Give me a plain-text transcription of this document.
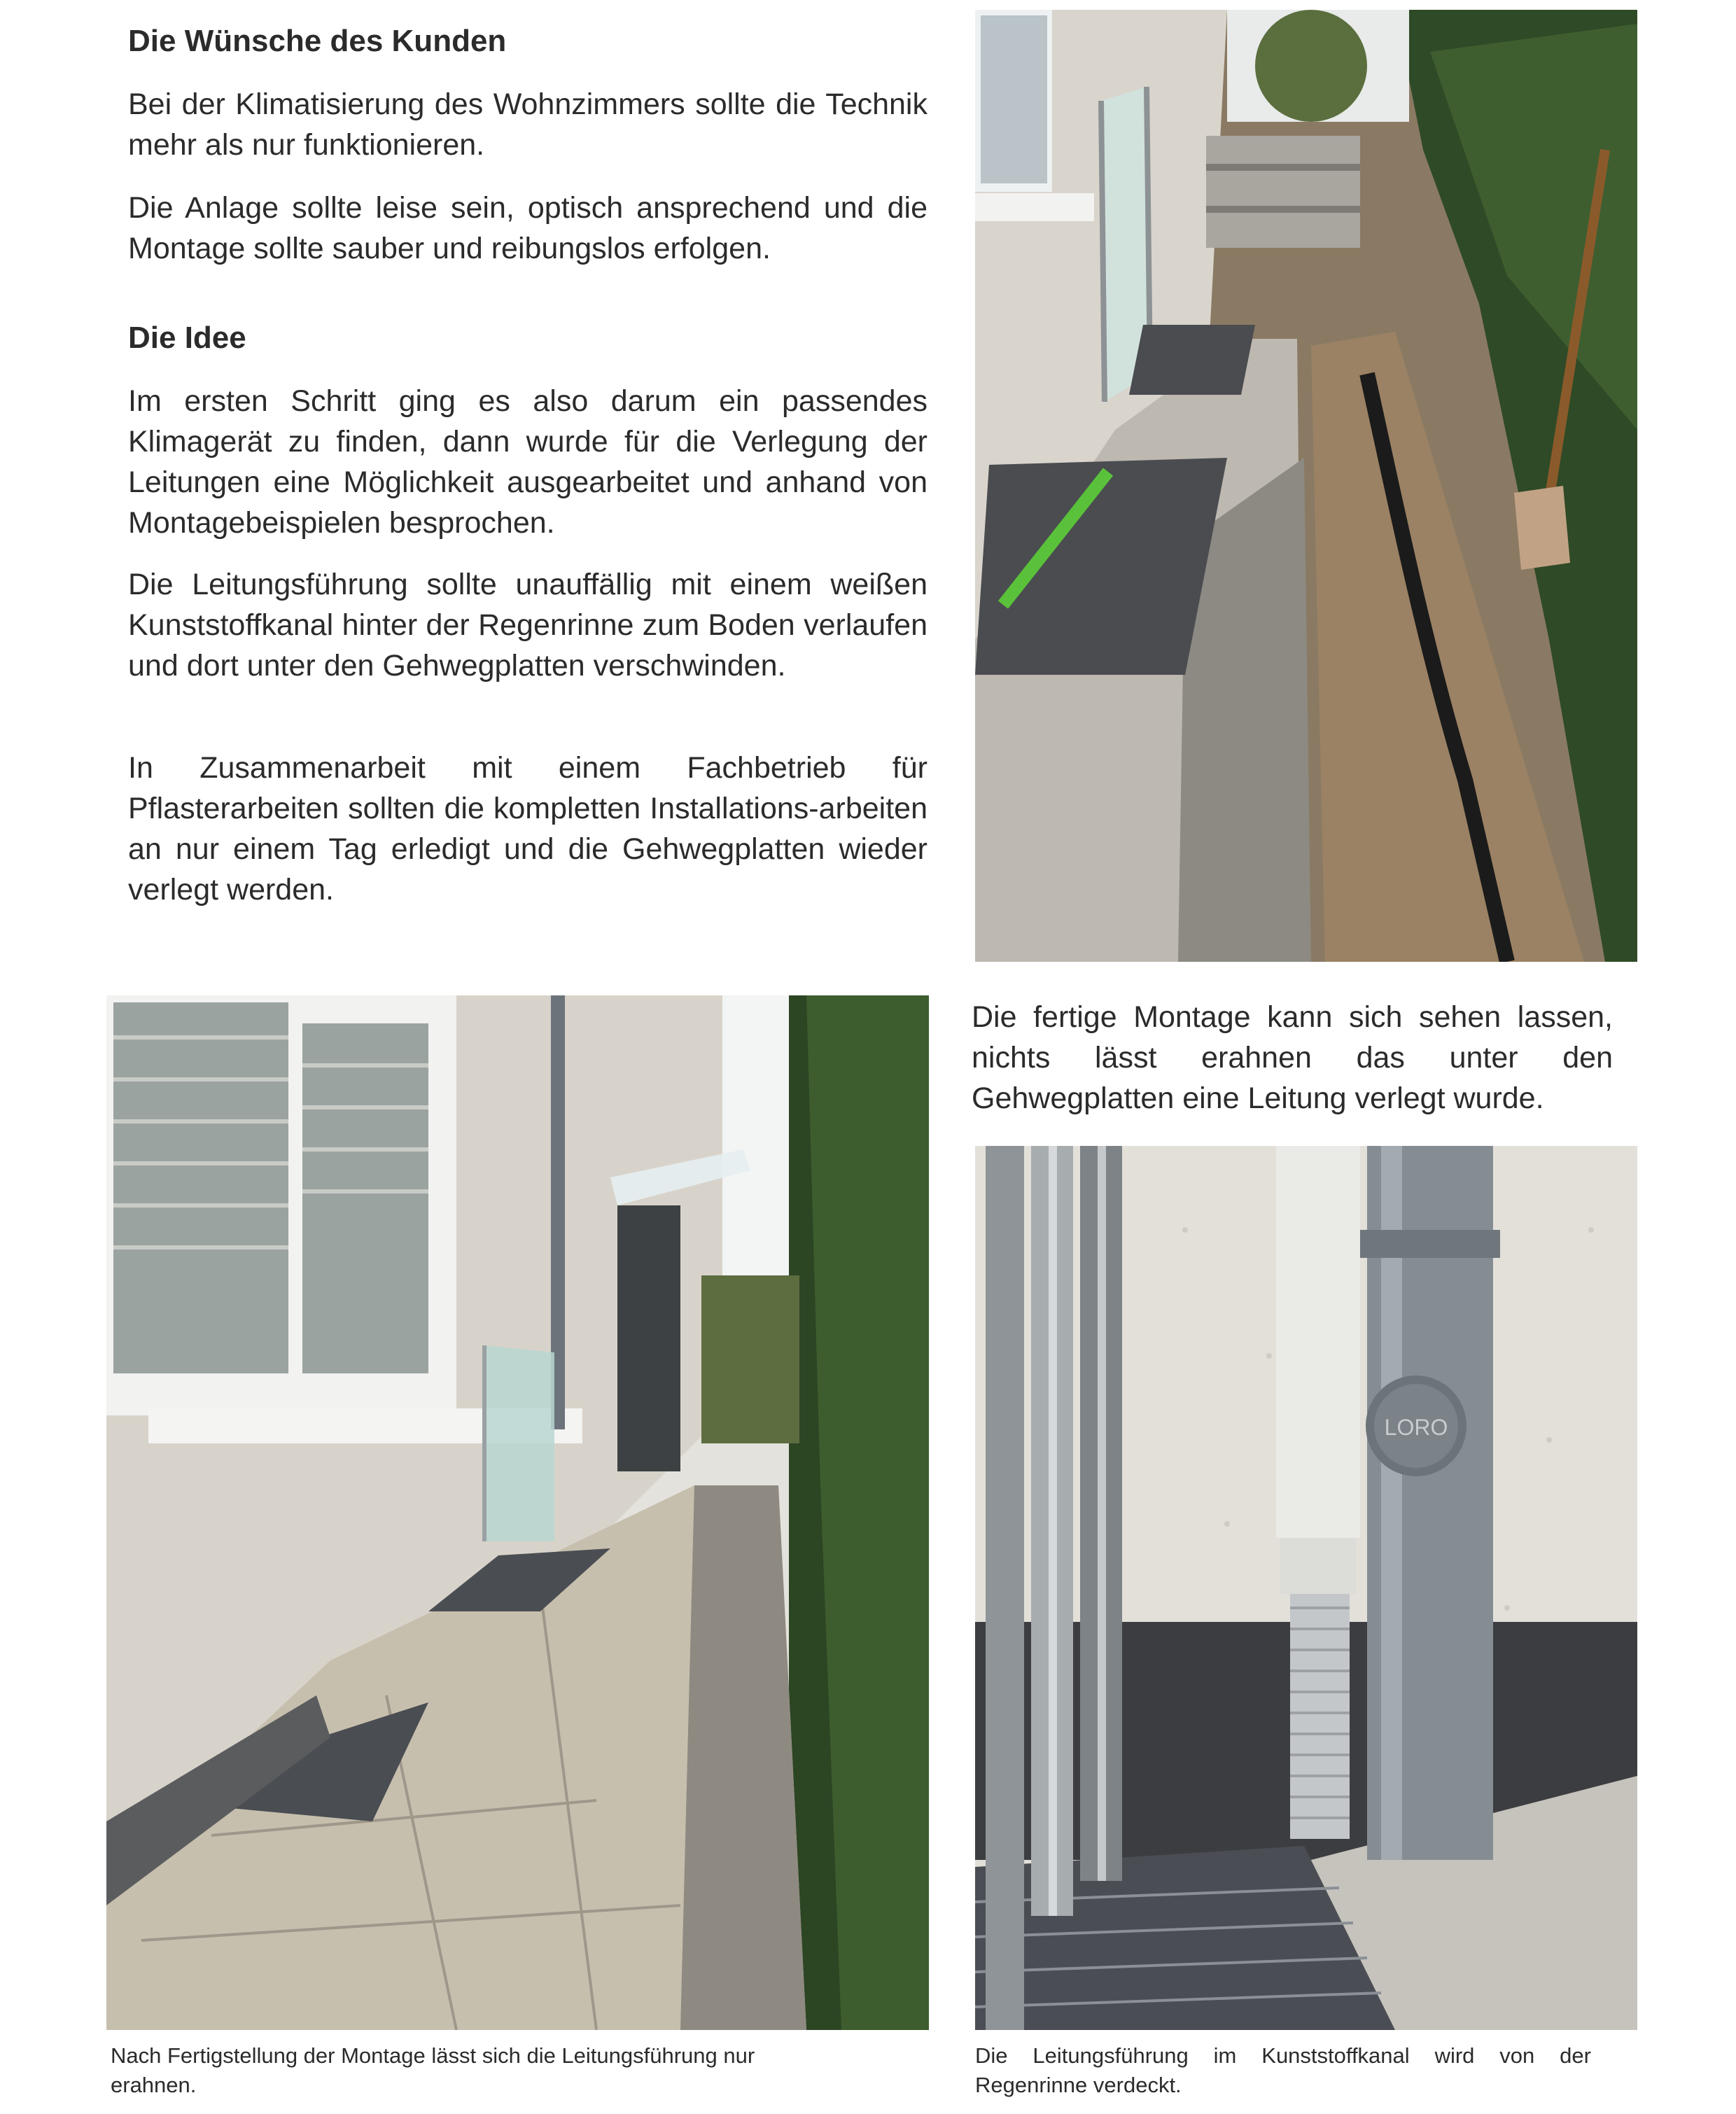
Die Wünsche des Kunden

Bei der Klimatisierung des Wohnzimmers sollte die Technik mehr als nur funktionieren.

Die Anlage sollte leise sein, optisch ansprechend und die Montage sollte sauber und reibungslos erfolgen.

Die Idee

Im ersten Schritt ging es also darum ein passendes Klimagerät zu finden, dann wurde für die Verlegung der Leitungen eine Möglichkeit ausgearbeitet und anhand von Montagebeispielen besprochen.

Die Leitungsführung sollte unauffällig mit einem weißen Kunststoffkanal hinter der Regenrinne zum Boden verlaufen und dort unter den Gehwegplatten verschwinden.

In Zusammenarbeit mit einem Fachbetrieb für Pflasterarbeiten sollten die kompletten Installations-arbeiten an nur einem Tag erledigt und die Gehwegplatten wieder verlegt werden.

Die fertige Montage kann sich sehen lassen, nichts lässt erahnen das unter den Gehwegplatten eine Leitung verlegt wurde.

LORO

Nach Fertigstellung der Montage lässt sich die Leitungsführung nur erahnen.

Die Leitungsführung im Kunststoffkanal wird von der Regenrinne verdeckt.
